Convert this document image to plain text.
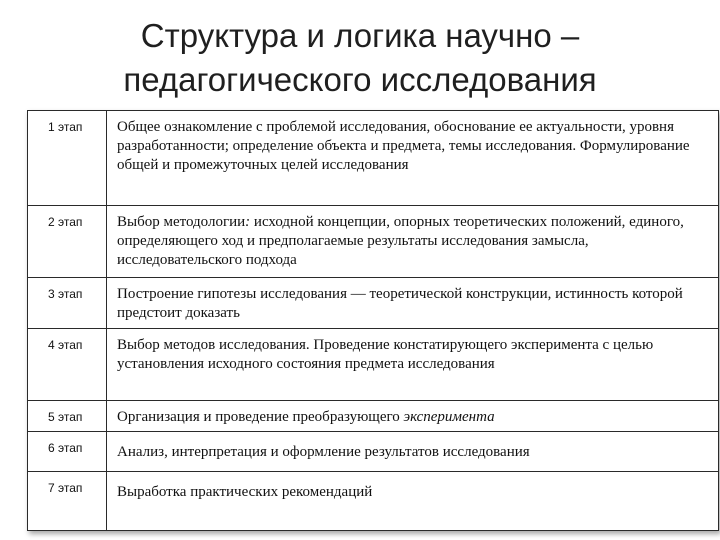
Структура и логика научно –
педагогического исследования
1 этап	Общее ознакомление с проблемой исследования, обоснование ее актуальности, уровня разработанности; определение объекта и предмета, темы исследования. Формулирование общей и промежуточных целей исследования
2 этап	Выбор методологии: исходной концепции, опорных теоретических положений, единого, определяющего ход и предполагаемые результаты исследования замысла, исследовательского подхода
3 этап	Построение гипотезы исследования — теоретической конструкции, истинность которой предстоит доказать
4 этап	Выбор методов исследования. Проведение констатирующего эксперимента с целью установления исходного состояния предмета исследования
5 этап	Организация и проведение преобразующего эксперимента
6 этап	Анализ, интерпретация и оформление результатов исследования
7 этап	Выработка практических рекомендаций
